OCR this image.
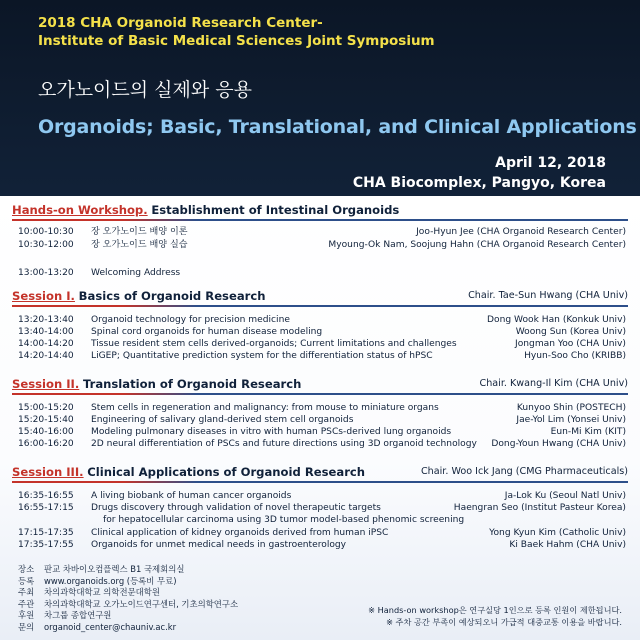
2018 CHA Organoid Research Center-
Institute of Basic Medical Sciences Joint Symposium
오가노이드의 실제와 응용
Organoids; Basic, Translational, and Clinical Applications
April 12, 2018
CHA Biocomplex, Pangyo, Korea
Hands-on Workshop. Establishment of Intestinal Organoids
10:00-10:30 장 오가노이드 배양 이론	Joo-Hyun Jee (CHA Organoid Research Center)
10:30-12:00 장 오가노이드 배양 실습	Myoung-Ok Nam, Soojung Hahn (CHA Organoid Research Center)
13:00-13:20 Welcoming Address
Session I. Basics of Organoid Research	Chair. Tae-Sun Hwang (CHA Univ)
13:20-13:40 Organoid technology for precision medicine	Dong Wook Han (Konkuk Univ)
13:40-14:00 Spinal cord organoids for human disease modeling	Woong Sun (Korea Univ)
14:00-14:20 Tissue resident stem cells derived-organoids; Current limitations and challenges	Jongman Yoo (CHA Univ)
14:20-14:40 LiGEP; Quantitative prediction system for the differentiation status of hPSC	Hyun-Soo Cho (KRIBB)
Session II. Translation of Organoid Research	Chair. Kwang-Il Kim (CHA Univ)
15:00-15:20 Stem cells in regeneration and malignancy: from mouse to miniature organs	Kunyoo Shin (POSTECH)
15:20-15:40 Engineering of salivary gland-derived stem cell organoids	Jae-Yol Lim (Yonsei Univ)
15:40-16:00 Modeling pulmonary diseases in vitro with human PSCs-derived lung organoids	Eun-Mi Kim (KIT)
16:00-16:20 2D neural differentiation of PSCs and future directions using 3D organoid technology Dong-Youn Hwang (CHA Univ)
Session III. Clinical Applications of Organoid Research	Chair. Woo Ick Jang (CMG Pharmaceuticals)
16:35-16:55 A living biobank of human cancer organoids	Ja-Lok Ku (Seoul Natl Univ)
16:55-17:15 Drugs discovery through validation of novel therapeutic targets	Haengran Seo (Institut Pasteur Korea)
for hepatocellular carcinoma using 3D tumor model-based phenomic screening
17:15-17:35 Clinical application of kidney organoids derived from human iPSC	Yong Kyun Kim (Catholic Univ)
17:35-17:55 Organoids for unmet medical needs in gastroenterology	Ki Baek Hahm (CHA Univ)
장소 판교 차바이오컴플렉스 B1 국제회의실
등록 www.organoids.org (등록비 무료)
주최 차의과학대학교 의학전문대학원
주관 차의과학대학교 오가노이드연구센터, 기초의학연구소
후원 차그룹 종합연구원
문의 organoid_center@chauniv.ac.kr
※ Hands-on workshop은 연구실당 1인으로 등록 인원이 제한됩니다.
※ 주차 공간 부족이 예상되오니 가급적 대중교통 이용을 바랍니다.
